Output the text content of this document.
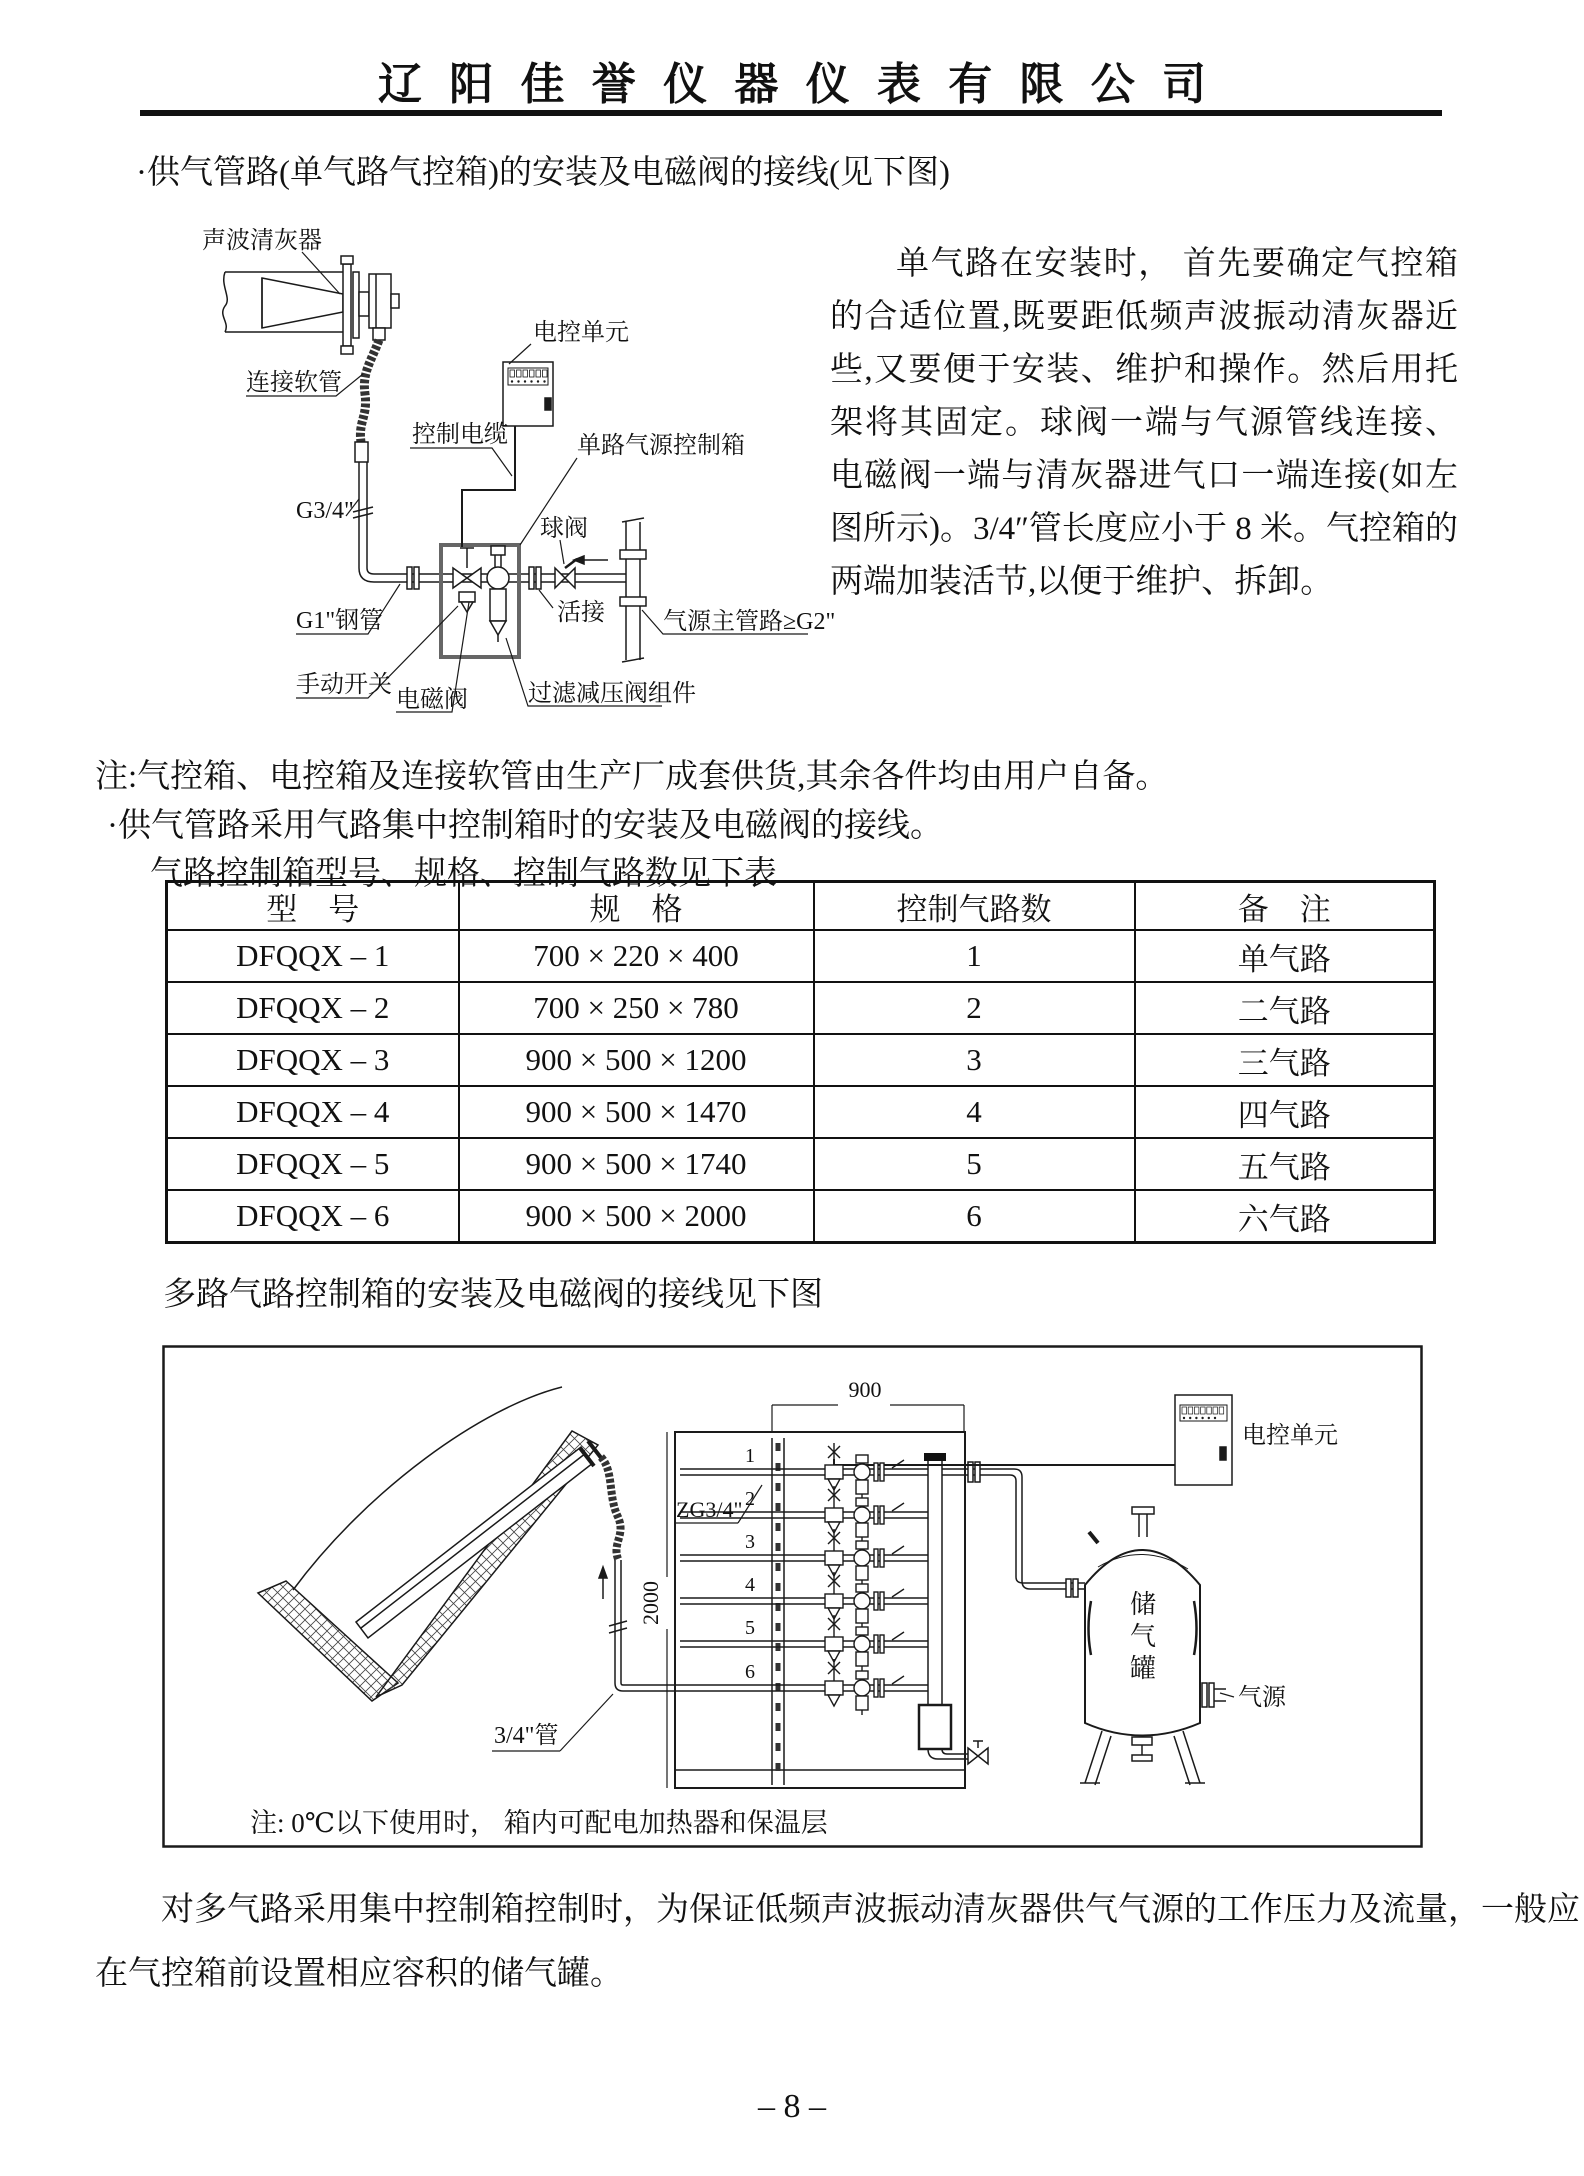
辽阳佳誉仪器仪表有限公司
·供气管路(单气路气控箱)的安装及电磁阀的接线(见下图)
声波清灰器
连接软管
电控单元
控制电缆	单路气源控制箱
G3/4"
球阀
G1"钢管	活接
手动开关
电磁阀	过滤减压阀组件
气源主管路≥G2"
单气路在安装时， 首先要确定气控箱的合适位置,既要距低频声波振动清灰器近些,又要便于安装、维护和操作。然后用托架将其固定。球阀一端与气源管线连接、 电磁阀一端与清灰器进气口一端连接(如左图所示)。3/4″管长度应小于 8 米。气控箱的两端加装活节,以便于维护、拆卸。
注:气控箱、电控箱及连接软管由生产厂成套供货,其余各件均由用户自备。
·供气管路采用气路集中控制箱时的安装及电磁阀的接线。
气路控制箱型号、规格、控制气路数见下表
型　号	规　格	控制气路数	备　注
DFQQX – 1	700 × 220 × 400	1	单气路
DFQQX – 2	700 × 250 × 780	2	二气路
DFQQX – 3	900 × 500 × 1200	3	三气路
DFQQX – 4	900 × 500 × 1470	4	四气路
DFQQX – 5	900 × 500 × 1740	5	五气路
DFQQX – 6	900 × 500 × 2000	6	六气路
多路气路控制箱的安装及电磁阀的接线见下图
900
2000
ZG3/4"
电控单元
储
气
罐
气源
3/4"管
注: 0℃以下使用时， 箱内可配电加热器和保温层
1
2
3
4
5
6
对多气路采用集中控制箱控制时，为保证低频声波振动清灰器供气气源的工作压力及流量，一般应
在气控箱前设置相应容积的储气罐。
– 8 –
